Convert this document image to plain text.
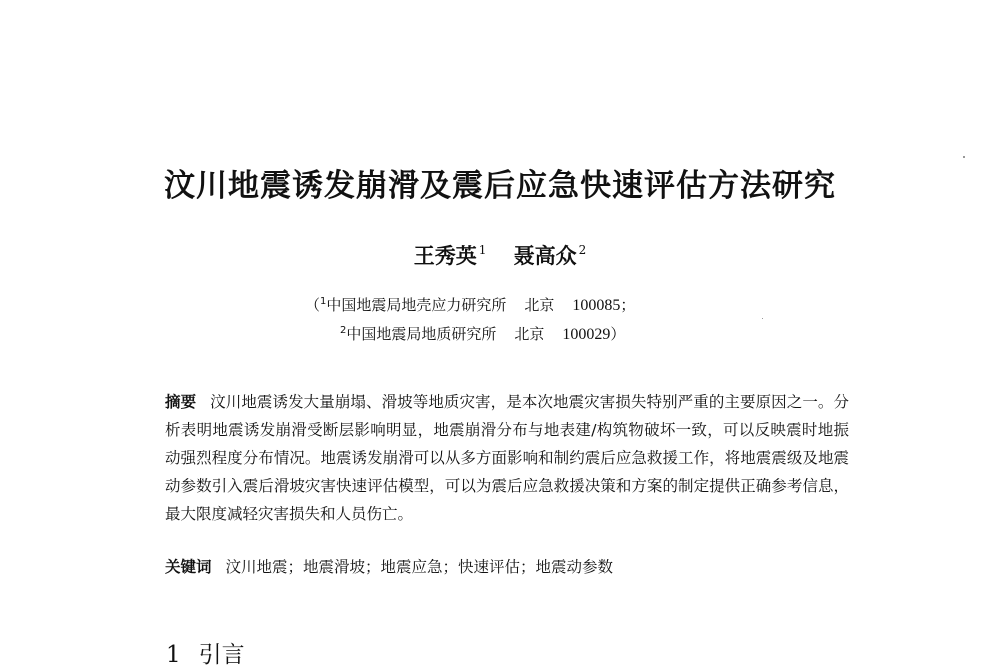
汶川地震诱发崩滑及震后应急快速评估方法研究
王秀英 $^1$ 聂高众 $^2$
（$^1$中国地震局地壳应力研究所 北京 100085；
$^2$中国地震局地质研究所 北京 100029）
摘要 汶川地震诱发大量崩塌、滑坡等地质灾害，是本次地震灾害损失特别严重的主要原因之一。分析表明地震诱发崩滑受断层影响明显，地震崩滑分布与地表建/构筑物破坏一致，可以反映震时地振动强烈程度分布情况。地震诱发崩滑可以从多方面影响和制约震后应急救援工作，将地震震级及地震动参数引入震后滑坡灾害快速评估模型，可以为震后应急救援决策和方案的制定提供正确参考信息，最大限度减轻灾害损失和人员伤亡。
关键词 汶川地震；地震滑坡；地震应急；快速评估；地震动参数
1 引言
